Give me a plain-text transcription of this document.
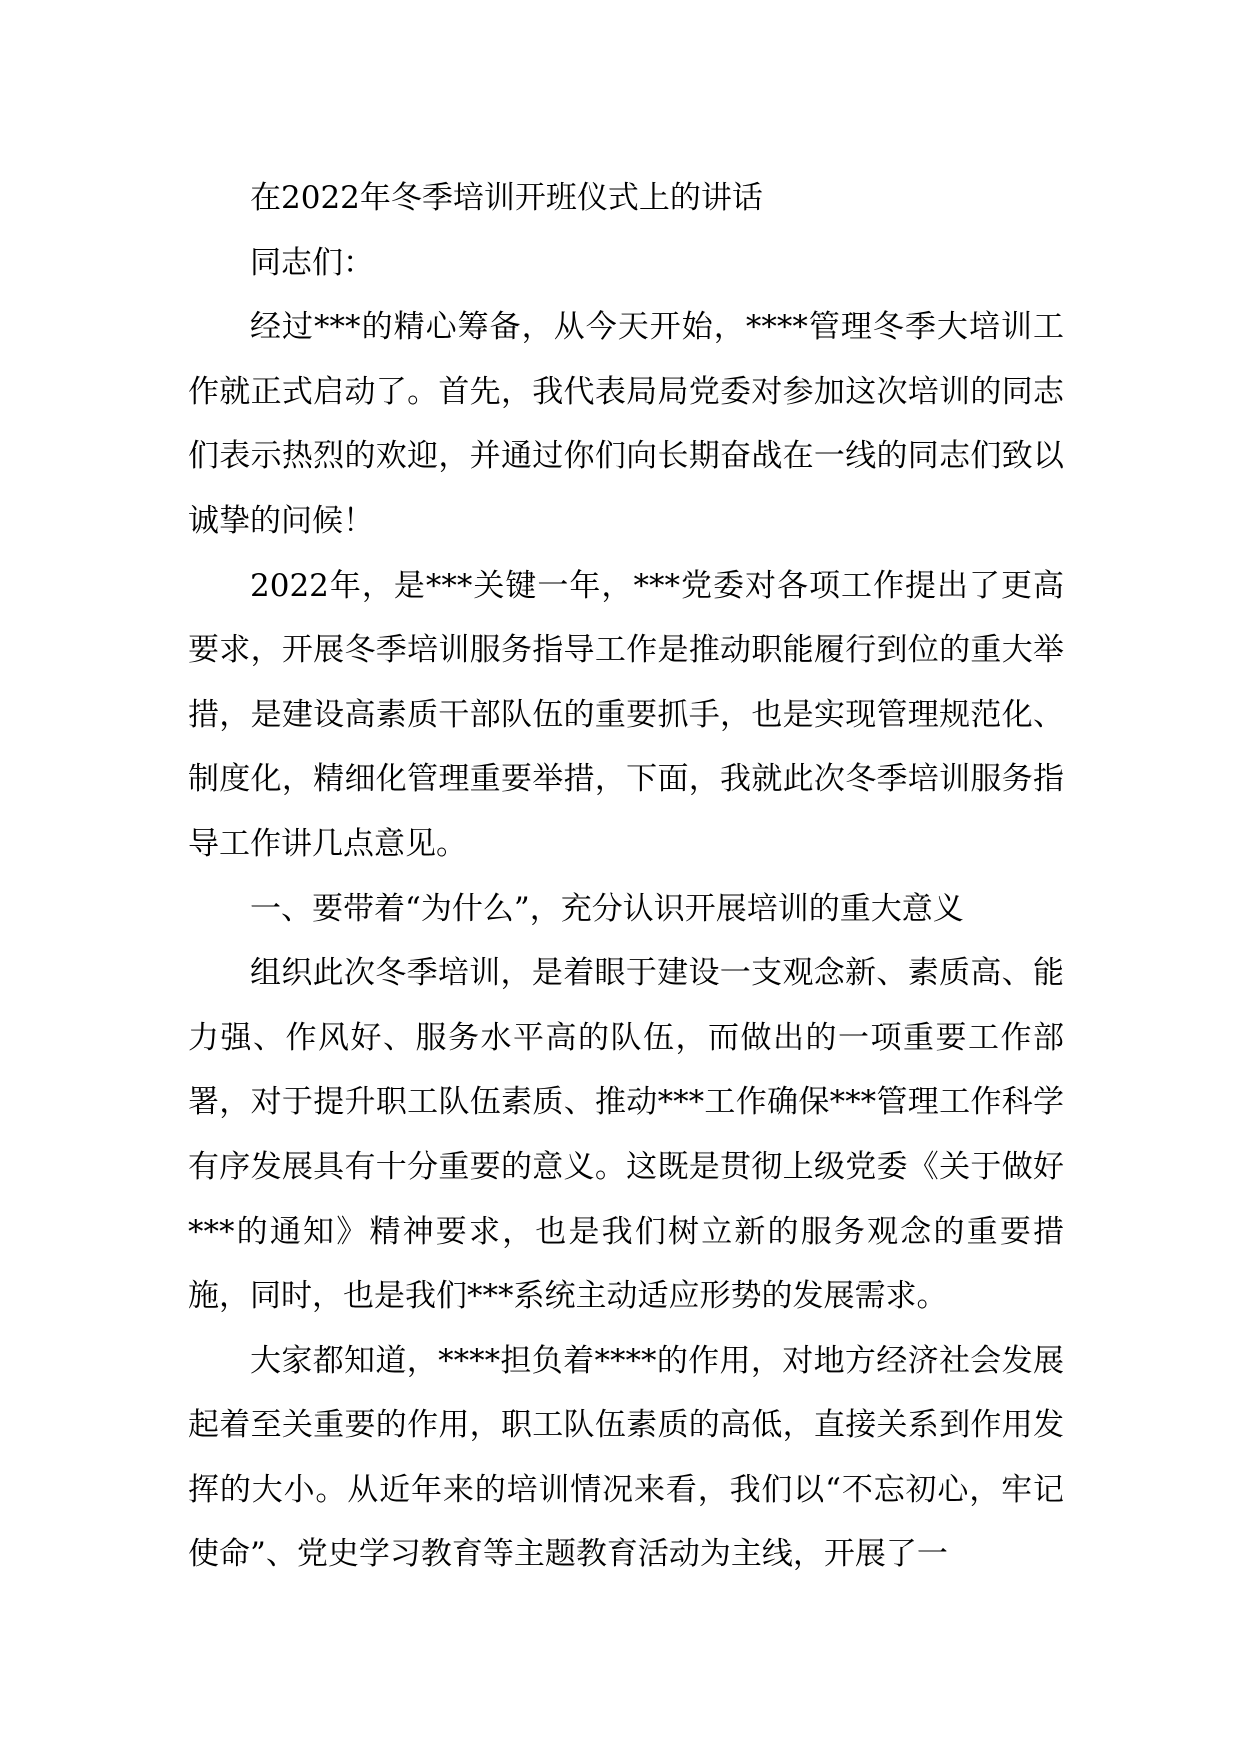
在2022年冬季培训开班仪式上的讲话

同志们：

经过***的精心筹备，从今天开始，****管理冬季大培训工作就正式启动了。首先，我代表局局党委对参加这次培训的同志们表示热烈的欢迎，并通过你们向长期奋战在一线的同志们致以诚挚的问候！

2022年，是***关键一年，***党委对各项工作提出了更高要求，开展冬季培训服务指导工作是推动职能履行到位的重大举措，是建设高素质干部队伍的重要抓手，也是实现管理规范化、制度化，精细化管理重要举措，下面，我就此次冬季培训服务指导工作讲几点意见。

一、要带着“为什么”，充分认识开展培训的重大意义

组织此次冬季培训，是着眼于建设一支观念新、素质高、能力强、作风好、服务水平高的队伍，而做出的一项重要工作部署，对于提升职工队伍素质、推动***工作确保***管理工作科学有序发展具有十分重要的意义。这既是贯彻上级党委《关于做好***的通知》精神要求，也是我们树立新的服务观念的重要措施，同时，也是我们***系统主动适应形势的发展需求。

大家都知道，****担负着****的作用，对地方经济社会发展起着至关重要的作用，职工队伍素质的高低，直接关系到作用发挥的大小。从近年来的培训情况来看，我们以“不忘初心，牢记使命”、党史学习教育等主题教育活动为主线，开展了一
